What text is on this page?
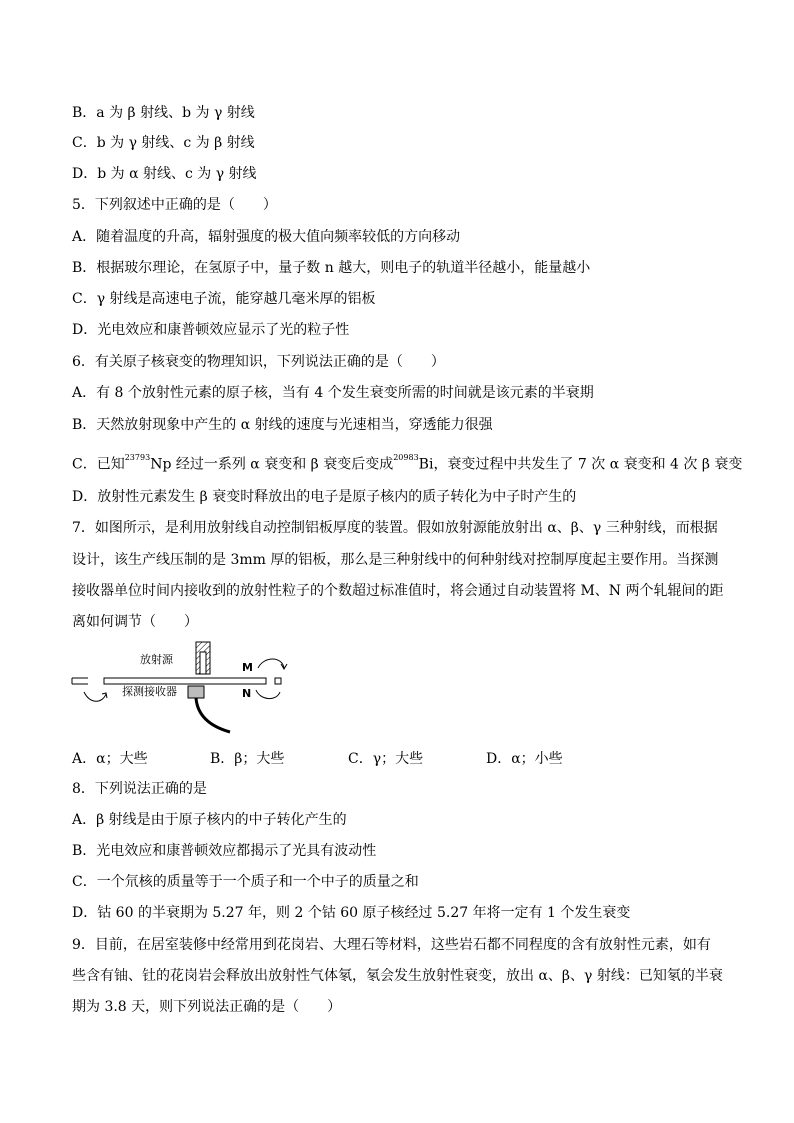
B．a 为 β 射线、b 为 γ 射线
C．b 为 γ 射线、c 为 β 射线
D．b 为 α 射线、c 为 γ 射线
5．下列叙述中正确的是（　　）
A．随着温度的升高，辐射强度的极大值向频率较低的方向移动
B．根据玻尔理论，在氢原子中，量子数 n 越大，则电子的轨道半径越小，能量越小
C．γ 射线是高速电子流，能穿越几毫米厚的铝板
D．光电效应和康普顿效应显示了光的粒子性
6．有关原子核衰变的物理知识，下列说法正确的是（　　）
A．有 8 个放射性元素的原子核，当有 4 个发生衰变所需的时间就是该元素的半衰期
B．天然放射现象中产生的 α 射线的速度与光速相当，穿透能力很强
C．已知$^{23793}$Np 经过一系列 α 衰变和 β 衰变后变成$^{20983}$Bi，衰变过程中共发生了 7 次 α 衰变和 4 次 β 衰变
D．放射性元素发生 β 衰变时释放出的电子是原子核内的质子转化为中子时产生的
7．如图所示，是利用放射线自动控制铝板厚度的装置。假如放射源能放射出 α、β、γ 三种射线，而根据
设计，该生产线压制的是 3mm 厚的铝板，那么是三种射线中的何种射线对控制厚度起主要作用。当探测
接收器单位时间内接收到的放射性粒子的个数超过标准值时，将会通过自动装置将 M、N 两个轧辊间的距
离如何调节（　　）
放射源
探测接收器
M
N
A．α；大些	B．β；大些	C．γ；大些	D．α；小些
8．下列说法正确的是
A．β 射线是由于原子核内的中子转化产生的
B．光电效应和康普顿效应都揭示了光具有波动性
C．一个氘核的质量等于一个质子和一个中子的质量之和
D．钴 60 的半衰期为 5.27 年，则 2 个钴 60 原子核经过 5.27 年将一定有 1 个发生衰变
9．目前，在居室装修中经常用到花岗岩、大理石等材料，这些岩石都不同程度的含有放射性元素，如有
些含有铀、钍的花岗岩会释放出放射性气体氡，氡会发生放射性衰变，放出 α、β、γ 射线：已知氡的半衰
期为 3.8 天，则下列说法正确的是（　　）
